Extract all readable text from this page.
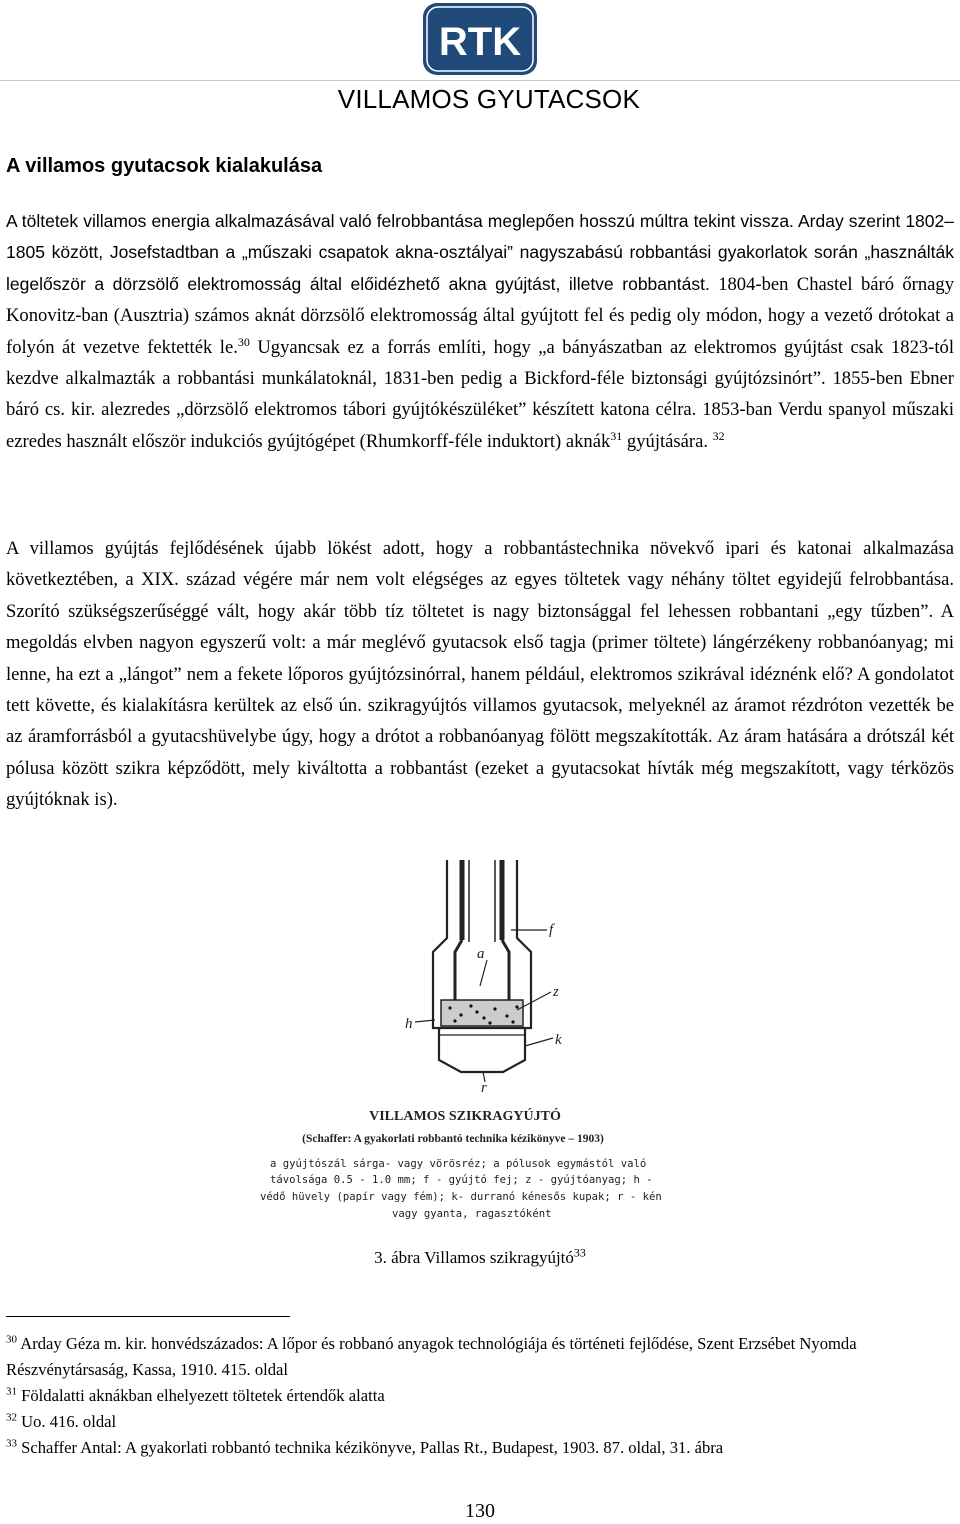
RTK
VILLAMOS GYUTACSOK
A villamos gyutacsok kialakulása

A töltetek villamos energia alkalmazásával való felrobbantása meglepően hosszú múltra tekint vissza. Arday szerint 1802–1805 között, Josefstadtban a „műszaki csapatok akna-osztályai” nagyszabású robbantási gyakorlatok során „használták legelőször a dörzsölő elektromosság által előidézhető akna gyújtást, illetve robbantást. 1804-ben Chastel báró őrnagy Konovitz-ban (Ausztria) számos aknát dörzsölő elektromosság által gyújtott fel és pedig oly módon, hogy a vezető drótokat a folyón át vezetve fektették le.$^{30}$ Ugyancsak ez a forrás említi, hogy „a bányászatban az elektromos gyújtást csak 1823-tól kezdve alkalmazták a robbantási munkálatoknál, 1831-ben pedig a Bickford-féle biztonsági gyújtózsinórt”. 1855-ben Ebner báró cs. kir. alezredes „dörzsölő elektromos tábori gyújtókészüléket” készített katona célra. 1853-ban Verdu spanyol műszaki ezredes használt először indukciós gyújtógépet (Rhumkorff-féle induktort) aknák$^{31}$ gyújtására. $^{32}$

A villamos gyújtás fejlődésének újabb lökést adott, hogy a robbantástechnika növekvő ipari és katonai alkalmazása következtében, a XIX. század végére már nem volt elégséges az egyes töltetek vagy néhány töltet egyidejű felrobbantása. Szorító szükségszerűséggé vált, hogy akár több tíz töltetet is nagy biztonsággal fel lehessen robbantani „egy tűzben”. A megoldás elvben nagyon egyszerű volt: a már meglévő gyutacsok első tagja (primer töltete) lángérzékeny robbanóanyag; mi lenne, ha ezt a „lángot” nem a fekete lőporos gyújtózsinórral, hanem például, elektromos szikrával idéznénk elő? A gondolatot tett követte, és kialakításra kerültek az első ún. szikragyújtós villamos gyutacsok, melyeknél az áramot rézdróton vezették be az áramforrásból a gyutacshüvelybe úgy, hogy a drótot a robbanóanyag fölött megszakították. Az áram hatására a drótszál két pólusa között szikra képződött, mely kiváltotta a robbantást (ezeket a gyutacsokat hívták még megszakított, vagy térközös gyújtóknak is).

f
z
h
k
r
a
VILLAMOS SZIKRAGYÚJTÓ
(Schaffer: A gyakorlati robbantó technika kézikönyve – 1903)
a gyújtószál sárga- vagy vörösréz; a pólusok egymástól való
távolsága 0.5 - 1.0 mm; f - gyújtó fej; z - gyújtóanyag; h -
védő hüvely (papír vagy fém); k- durranó kénesős kupak; r - kén
vagy gyanta, ragasztóként
3. ábra Villamos szikragyújtó$^{33}$

$^{30}$ Arday Géza m. kir. honvédszázados: A lőpor és robbanó anyagok technológiája és történeti fejlődése, Szent Erzsébet Nyomda Részvénytársaság, Kassa, 1910. 415. oldal

$^{31}$ Földalatti aknákban elhelyezett töltetek értendők alatta

$^{32}$ Uo. 416. oldal

$^{33}$ Schaffer Antal: A gyakorlati robbantó technika kézikönyve, Pallas Rt., Budapest, 1903. 87. oldal, 31. ábra

130
